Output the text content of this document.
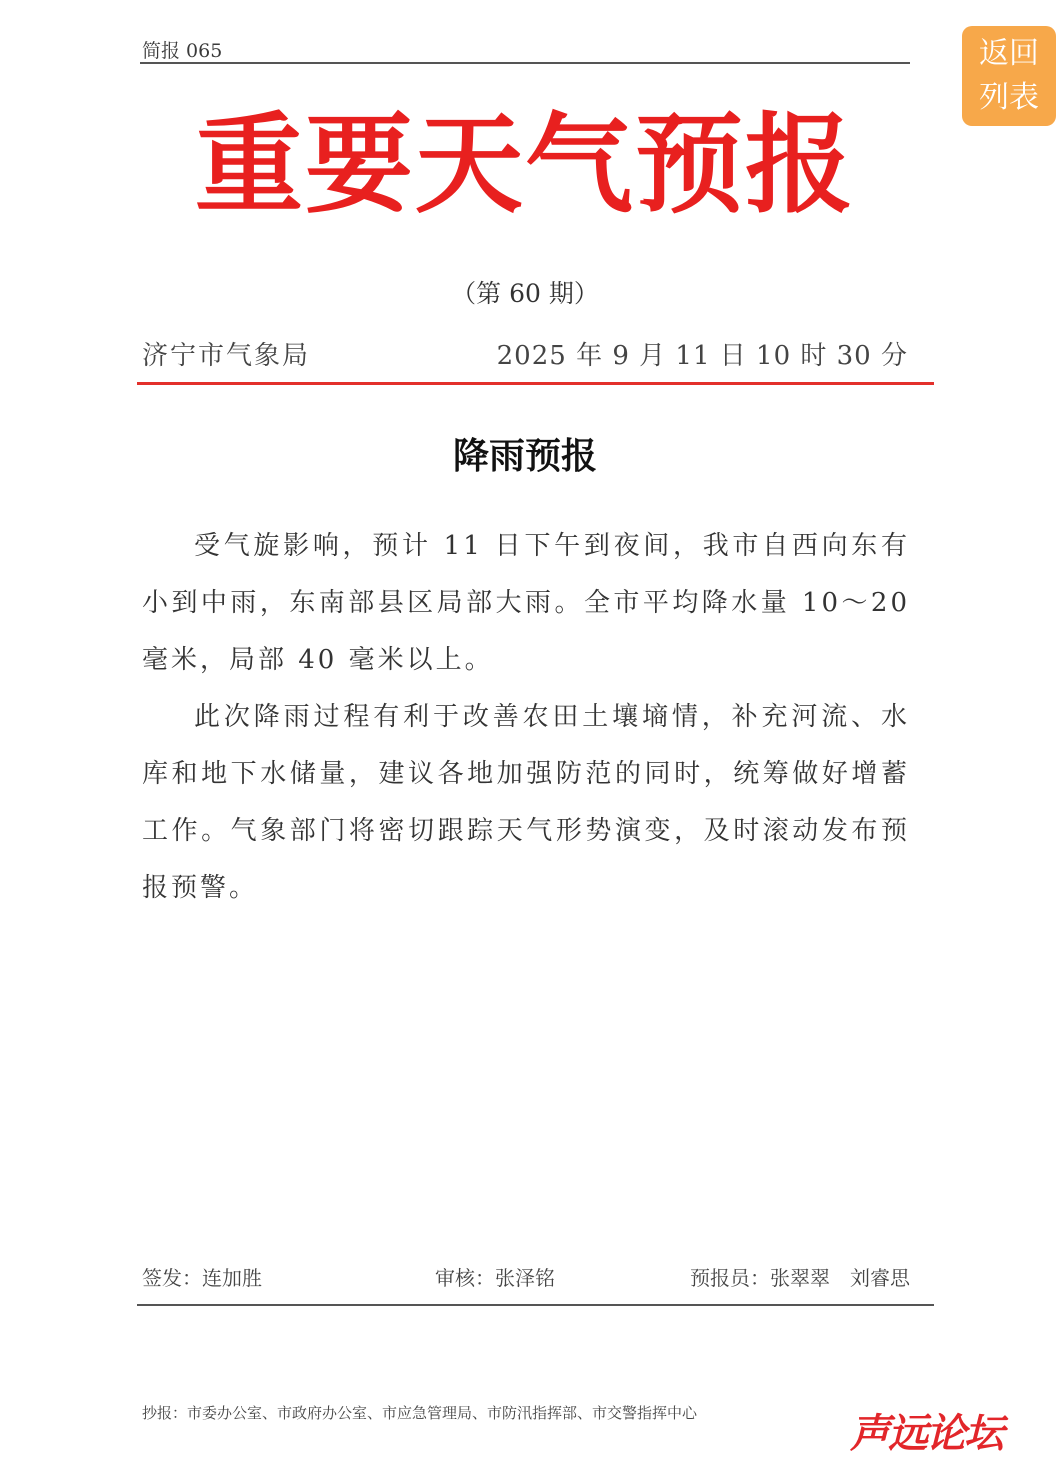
简报 065	返回
列表
重要天气预报
（第 60 期）
济宁市气象局	2025 年 9 月 11 日 10 时 30 分
降雨预报

受气旋影响，预计 11 日下午到夜间，我市自西向东有小到中雨，东南部县区局部大雨。全市平均降水量 10～20 毫米，局部 40 毫米以上。

此次降雨过程有利于改善农田土壤墒情，补充河流、水库和地下水储量，建议各地加强防范的同时，统筹做好增蓄工作。气象部门将密切跟踪天气形势演变，及时滚动发布预报预警。

签发：连加胜	审核：张泽铭	预报员：张翠翠　刘睿思
抄报：市委办公室、市政府办公室、市应急管理局、市防汛指挥部、市交警指挥中心	声远论坛
